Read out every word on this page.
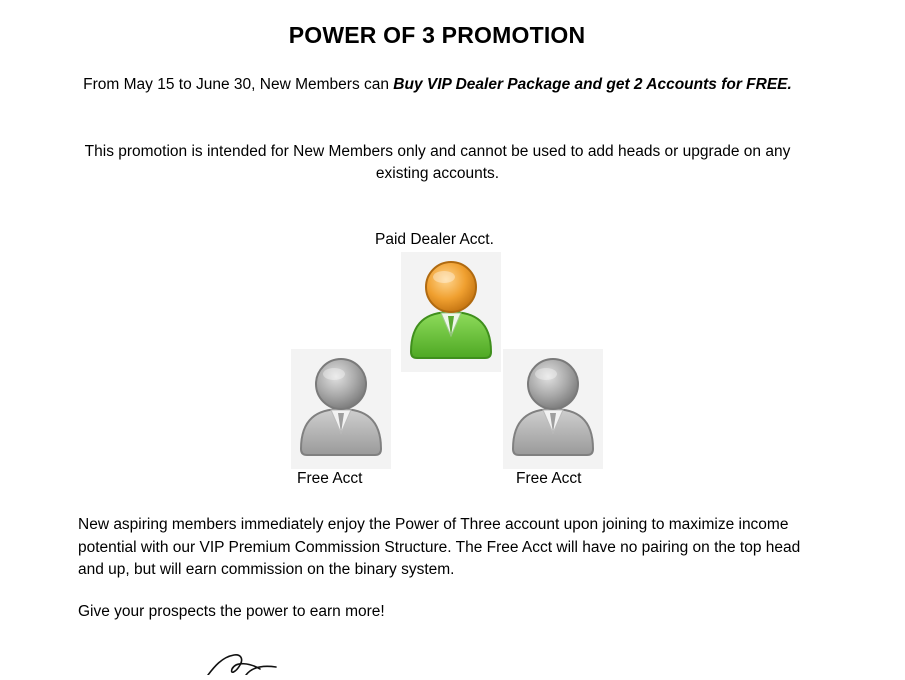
POWER OF 3 PROMOTION
From May 15 to June 30, New Members can Buy VIP Dealer Package and get 2 Accounts for FREE.
This promotion is intended for New Members only and cannot be used to add heads or upgrade on any existing accounts.
Paid Dealer Acct.
Free Acct	Free Acct
New aspiring members immediately enjoy the Power of Three account upon joining to maximize income potential with our VIP Premium Commission Structure. The Free Acct will have no pairing on the top head and up, but will earn commission on the binary system.
Give your prospects the power to earn more!
